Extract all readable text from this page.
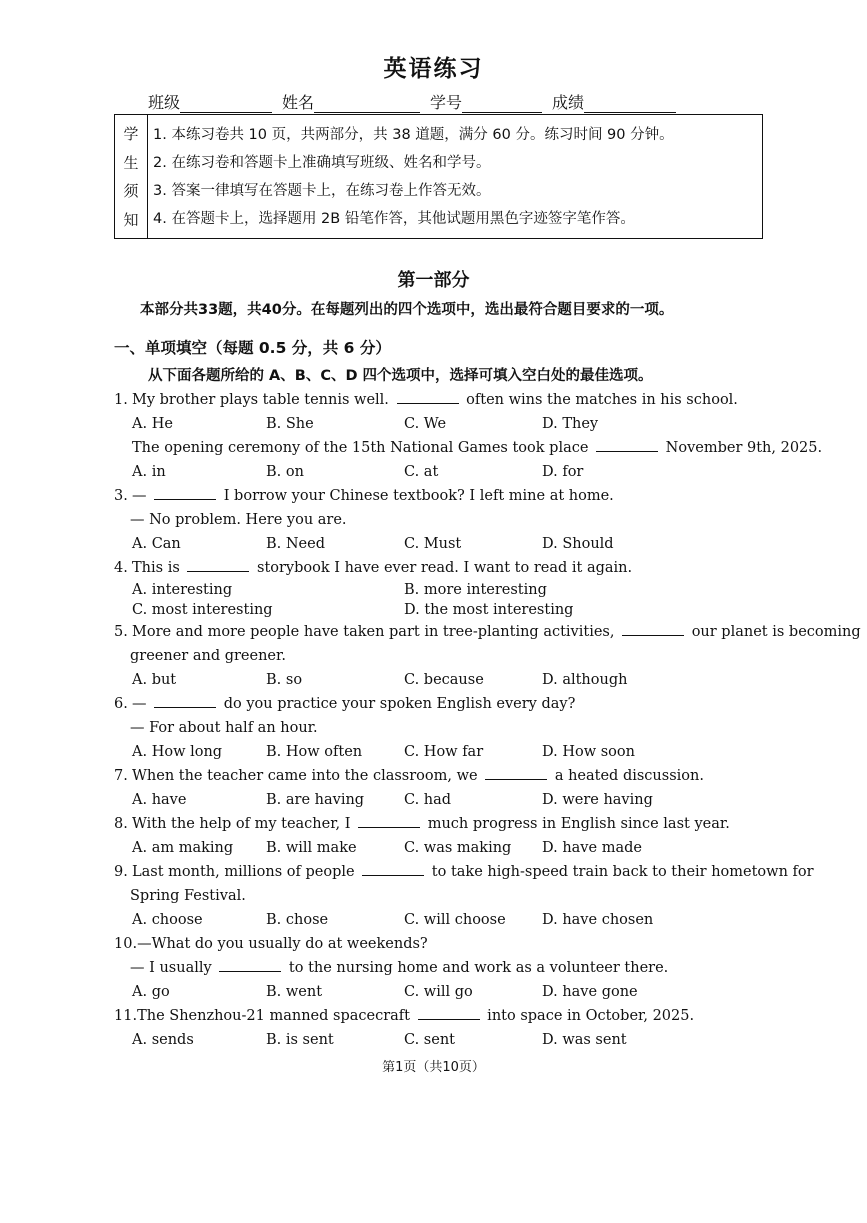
英语练习
班级	姓名	学号	成绩
学
生
须
知
1. 本练习卷共 10 页，共两部分，共 38 道题，满分 60 分。练习时间 90 分钟。
2. 在练习卷和答题卡上准确填写班级、姓名和学号。
3. 答案一律填写在答题卡上，在练习卷上作答无效。
4. 在答题卡上，选择题用 2B 铅笔作答，其他试题用黑色字迹签字笔作答。
第一部分
本部分共33题，共40分。在每题列出的四个选项中，选出最符合题目要求的一项。
一、单项填空（每题 0.5 分，共 6 分）
从下面各题所给的 A、B、C、D 四个选项中，选择可填入空白处的最佳选项。
1. My brother plays table tennis well.	often wins the matches in his school.
A. He	B. She	C. We	D. They
The opening ceremony of the 15th National Games took place	November 9th, 2025.
A. in	B. on	C. at	D. for
3. —	I borrow your Chinese textbook? I left mine at home.
— No problem. Here you are.
A. Can	B. Need	C. Must	D. Should
4. This is	storybook I have ever read. I want to read it again.
A. interesting	B. more interesting
C. most interesting	D. the most interesting
5. More and more people have taken part in tree-planting activities,	our planet is becoming
greener and greener.
A. but	B. so	C. because	D. although
6. —	do you practice your spoken English every day?
— For about half an hour.
A. How long	B. How often	C. How far	D. How soon
7. When the teacher came into the classroom, we	a heated discussion.
A. have	B. are having	C. had	D. were having
8. With the help of my teacher, I	much progress in English since last year.
A. am making B. will make	C. was making D. have made
9. Last month, millions of people	to take high-speed train back to their hometown for
Spring Festival.
A. choose	B. chose	C. will choose	D. have chosen
10.—What do you usually do at weekends?
— I usually	to the nursing home and work as a volunteer there.
A. go	B. went	C. will go	D. have gone
11.The Shenzhou-21 manned spacecraft	into space in October, 2025.
A. sends	B. is sent	C. sent	D. was sent
第1页（共10页）
